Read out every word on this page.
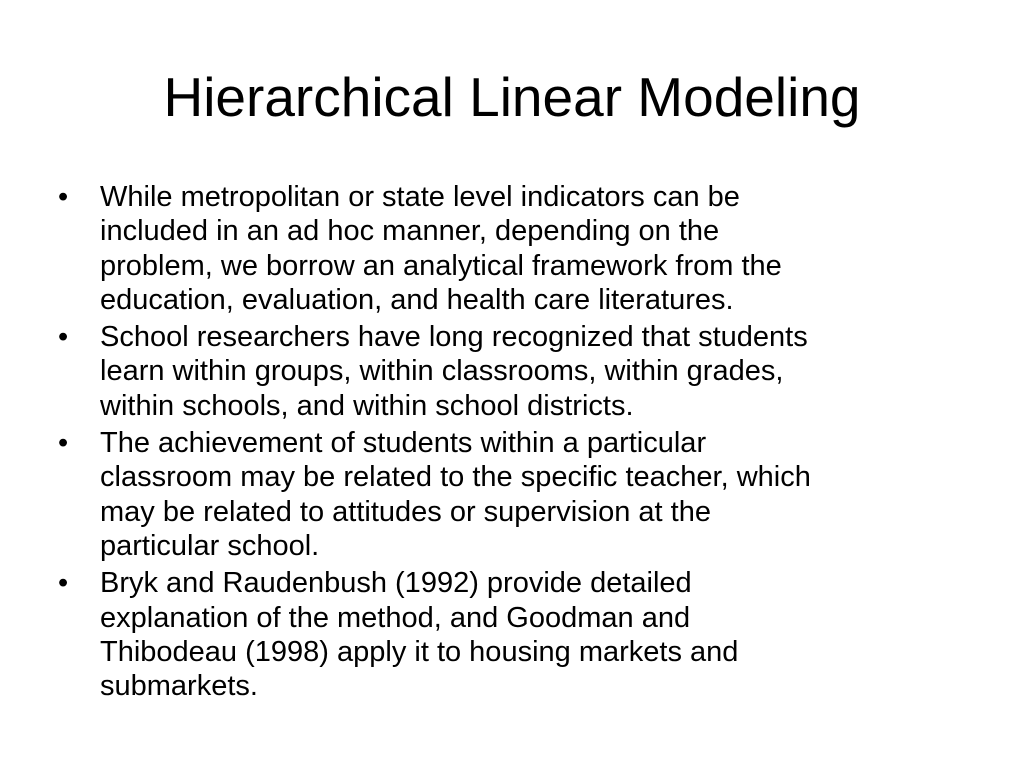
Hierarchical Linear Modeling
•	While metropolitan or state level indicators can be
included in an ad hoc manner, depending on the
problem, we borrow an analytical framework from the
education, evaluation, and health care literatures.
•	School researchers have long recognized that students
learn within groups, within classrooms, within grades,
within schools, and within school districts.
•	The achievement of students within a particular
classroom may be related to the specific teacher, which
may be related to attitudes or supervision at the
particular school.
•	Bryk and Raudenbush (1992) provide detailed
explanation of the method, and Goodman and
Thibodeau (1998) apply it to housing markets and
submarkets.
